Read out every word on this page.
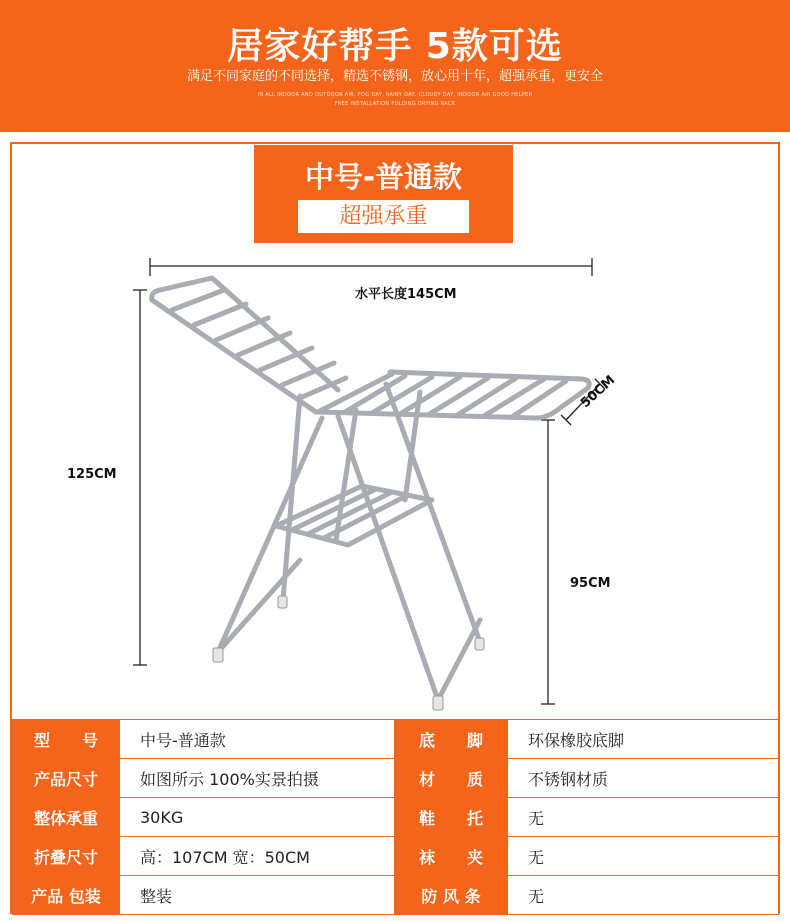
居家好帮手 5款可选
满足不同家庭的不同选择，精选不锈钢，放心用十年，超强承重，更安全
IN ALL INDOOR AND OUTDOOR AIR, FOG DAY, RAINY DAY, CLOUDY DAY, INDOOR AIR GOOD HELPER
FREE INSTALLATION FOLDING DRYING RACK
中号-普通款
超强承重
水平长度145CM
50CM
125CM
95CM
型　　号	中号-普通款	底　　脚	环保橡胶底脚
产品尺寸	如图所示 100%实景拍摄	材　　质	不锈钢材质
整体承重	30KG	鞋　　托	无
折叠尺寸	高：107CM 宽：50CM	袜　　夹	无
产品 包装	整装	防 风 条	无
